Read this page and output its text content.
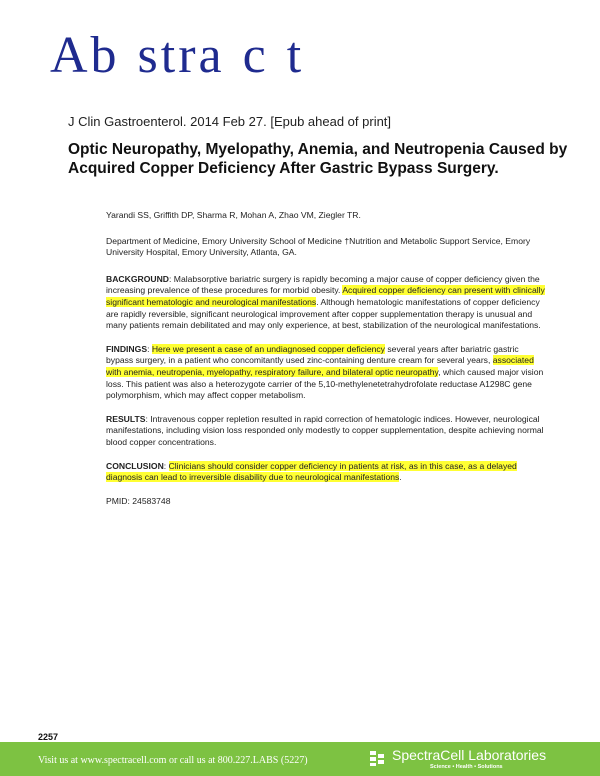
Ab stra c t
J Clin Gastroenterol. 2014 Feb 27. [Epub ahead of print]
Optic Neuropathy, Myelopathy, Anemia, and Neutropenia Caused by Acquired Copper Deficiency After Gastric Bypass Surgery.

Yarandi SS, Griffith DP, Sharma R, Mohan A, Zhao VM, Ziegler TR.

Department of Medicine, Emory University School of Medicine †Nutrition and Metabolic Support Service, Emory University Hospital, Emory University, Atlanta, GA.

BACKGROUND: Malabsorptive bariatric surgery is rapidly becoming a major cause of copper deficiency given the increasing prevalence of these procedures for morbid obesity. Acquired copper deficiency can present with clinically significant hematologic and neurological manifestations. Although hematologic manifestations of copper deficiency are rapidly reversible, significant neurological improvement after copper supplementation therapy is unusual and many patients remain debilitated and may only experience, at best, stabilization of the neurological manifestations.

FINDINGS: Here we present a case of an undiagnosed copper deficiency several years after bariatric gastric bypass surgery, in a patient who concomitantly used zinc-containing denture cream for several years, associated with anemia, neutropenia, myelopathy, respiratory failure, and bilateral optic neuropathy, which caused major vision loss. This patient was also a heterozygote carrier of the 5,10-methylenetetrahydrofolate reductase A1298C gene polymorphism, which may affect copper metabolism.

RESULTS: Intravenous copper repletion resulted in rapid correction of hematologic indices. However, neurological manifestations, including vision loss responded only modestly to copper supplementation, despite achieving normal blood copper concentrations.

CONCLUSION: Clinicians should consider copper deficiency in patients at risk, as in this case, as a delayed diagnosis can lead to irreversible disability due to neurological manifestations.

PMID: 24583748

2257
Visit us at www.spectracell.com or call us at 800.227.LABS (5227)	SpectraCell Laboratories
Science • Health • Solutions
